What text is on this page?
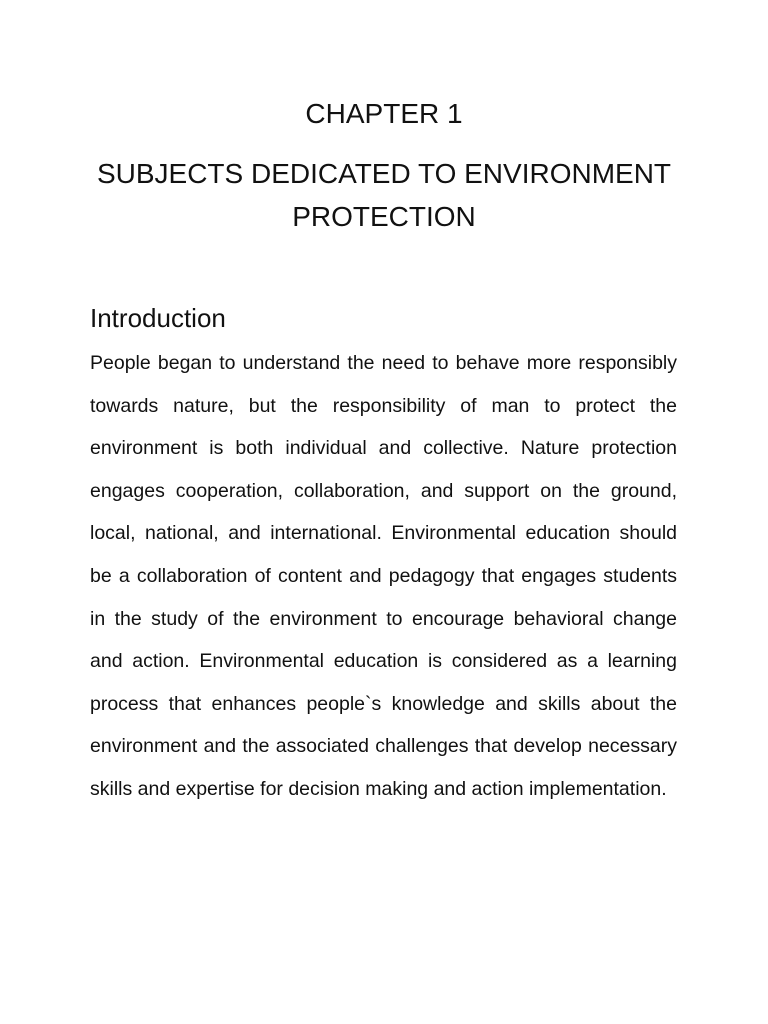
CHAPTER 1
SUBJECTS DEDICATED TO ENVIRONMENT PROTECTION
Introduction

People began to understand the need to behave more responsibly towards nature, but the responsibility of man to protect the environment is both individual and collective. Nature protection engages cooperation, collaboration, and support on the ground, local, national, and international. Environmental education should be a collaboration of content and pedagogy that engages students in the study of the environment to encourage behavioral change and action. Environmental education is considered as a learning process that enhances people`s knowledge and skills about the environment and the associated challenges that develop necessary skills and expertise for decision making and action implementation.
